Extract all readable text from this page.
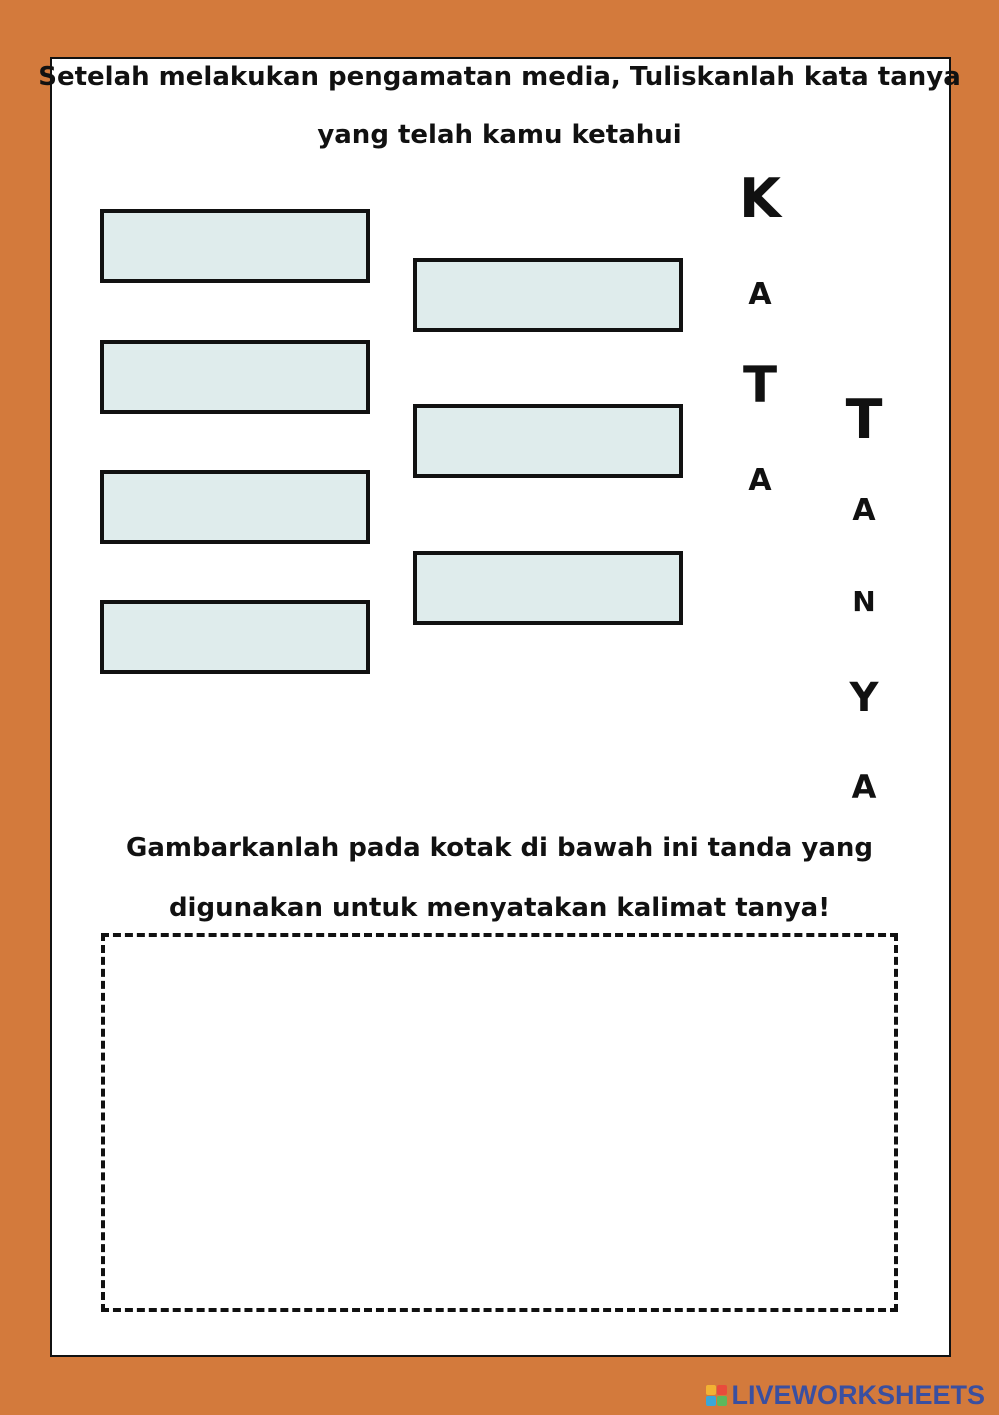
Setelah melakukan pengamatan media, Tuliskanlah kata tanya
yang telah kamu ketahui
K
A
T
A
T
A
N
Y
A
Gambarkanlah pada kotak di bawah ini tanda yang
digunakan untuk menyatakan kalimat tanya!
LIVEWORKSHEETS
